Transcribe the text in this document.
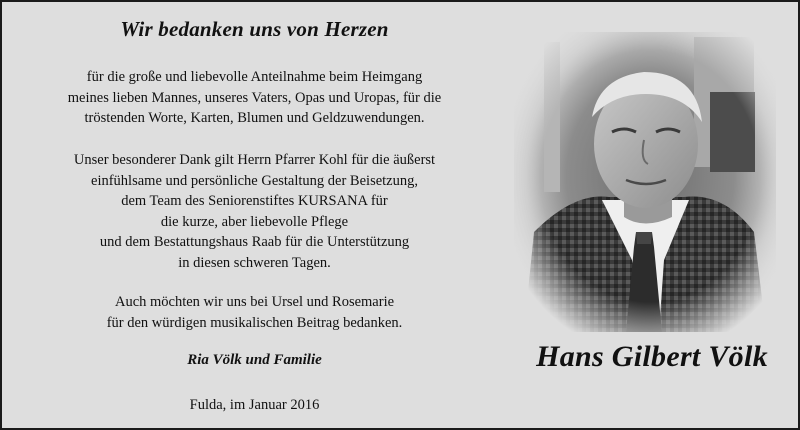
Wir bedanken uns von Herzen
für die große und liebevolle Anteilnahme beim Heimgang
meines lieben Mannes, unseres Vaters, Opas und Uropas, für die
tröstenden Worte, Karten, Blumen und Geldzuwendungen.
Unser besonderer Dank gilt Herrn Pfarrer Kohl für die äußerst
einfühlsame und persönliche Gestaltung der Beisetzung,
dem Team des Seniorenstiftes KURSANA für
die kurze, aber liebevolle Pflege
und dem Bestattungshaus Raab für die Unterstützung
in diesen schweren Tagen.
Auch möchten wir uns bei Ursel und Rosemarie
für den würdigen musikalischen Beitrag bedanken.
Ria Völk und Familie
Fulda, im Januar 2016
Hans Gilbert Völk
